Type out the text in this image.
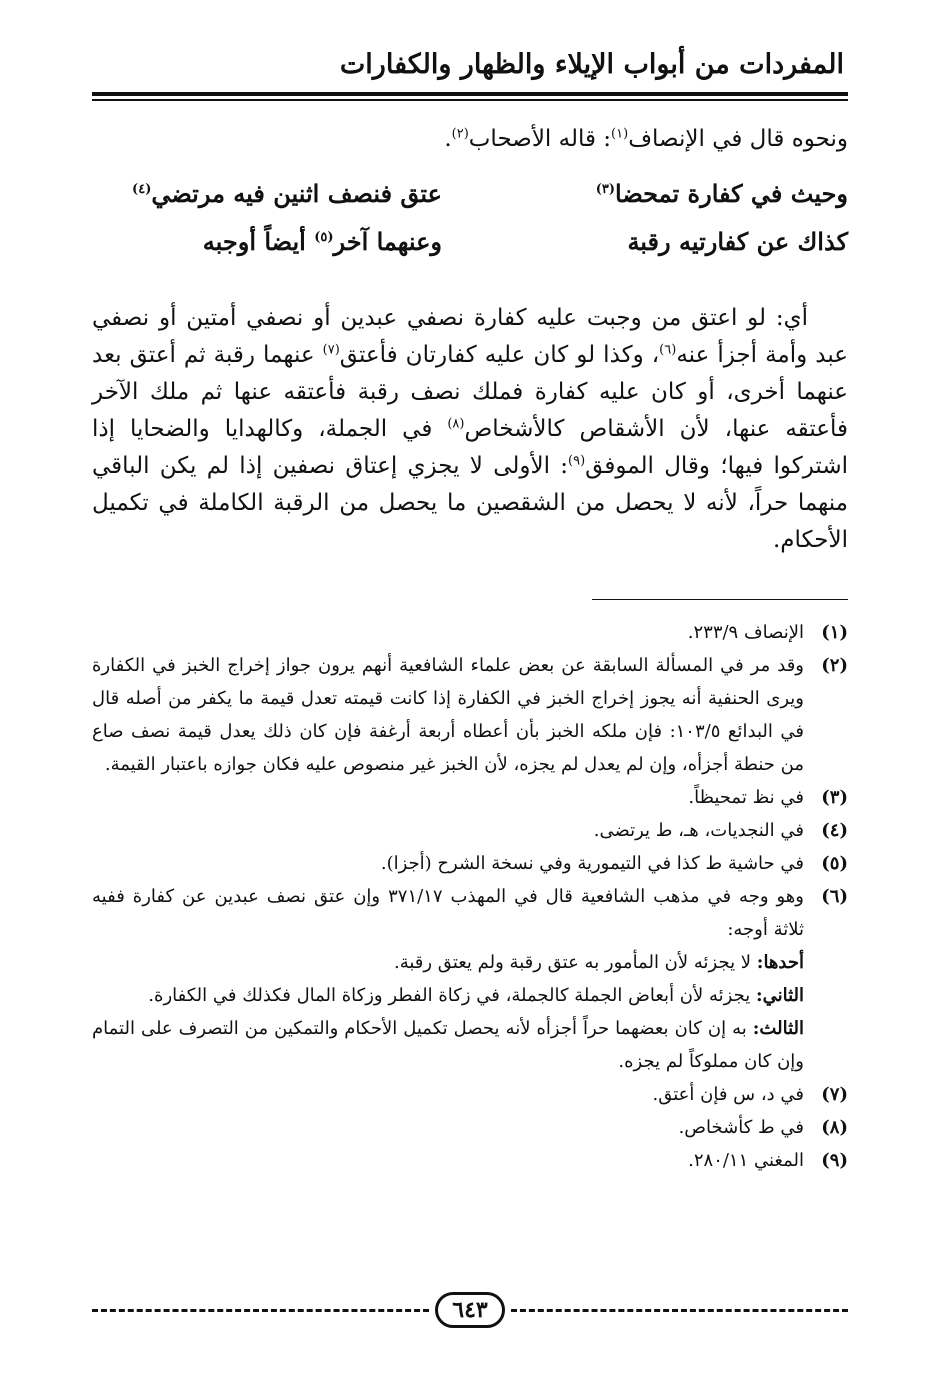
المفردات من أبواب الإيلاء والظهار والكفارات

ونحوه قال في الإنصاف$^{(١)}$: قاله الأصحاب$^{(٢)}$.

وحيث في كفارة تمحضا$^{(٣)}$
عتق فنصف اثنين فيه مرتضي$^{(٤)}$
كذاك عن كفارتيه رقبة
وعنهما آخر$^{(٥)}$ أيضاً أوجبه

أي: لو اعتق من وجبت عليه كفارة نصفي عبدين أو نصفي أمتين أو نصفي عبد وأمة أجزأ عنه$^{(٦)}$، وكذا لو كان عليه كفارتان فأعتق$^{(٧)}$ عنهما رقبة ثم أعتق بعد عنهما أخرى، أو كان عليه كفارة فملك نصف رقبة فأعتقه عنها ثم ملك الآخر فأعتقه عنها، لأن الأشقاص كالأشخاص$^{(٨)}$ في الجملة، وكالهدايا والضحايا إذا اشتركوا فيها؛ وقال الموفق$^{(٩)}$: الأولى لا يجزي إعتاق نصفين إذا لم يكن الباقي منهما حراً، لأنه لا يحصل من الشقصين ما يحصل من الرقبة الكاملة في تكميل الأحكام.

(١)
الإنصاف ٢٣٣/٩.
(٢)
وقد مر في المسألة السابقة عن بعض علماء الشافعية أنهم يرون جواز إخراج الخبز في الكفارة ويرى الحنفية أنه يجوز إخراج الخبز في الكفارة إذا كانت قيمته تعدل قيمة ما يكفر من أصله قال في البدائع ١٠٣/٥: فإن ملكه الخبز بأن أعطاه أربعة أرغفة فإن كان ذلك يعدل قيمة نصف صاع من حنطة أجزأه، وإن لم يعدل لم يجزه، لأن الخبز غير منصوص عليه فكان جوازه باعتبار القيمة.
(٣)
في نظ تمحيظاً.
(٤)
في النجديات، هـ، ط يرتضى.
(٥)
في حاشية ط كذا في التيمورية وفي نسخة الشرح (أجزا).
(٦)
وهو وجه في مذهب الشافعية قال في المهذب ٣٧١/١٧ وإن عتق نصف عبدين عن كفارة ففيه ثلاثة أوجه:
أحدها: لا يجزئه لأن المأمور به عتق رقبة ولم يعتق رقبة.
الثاني: يجزئه لأن أبعاض الجملة كالجملة، في زكاة الفطر وزكاة المال فكذلك في الكفارة.
الثالث: به إن كان بعضهما حراً أجزأه لأنه يحصل تكميل الأحكام والتمكين من التصرف على التمام وإن كان مملوكاً لم يجزه.
(٧)
في د، س فإن أعتق.
(٨)
في ط كأشخاص.
(٩)
المغني ٢٨٠/١١.
٦٤٣
